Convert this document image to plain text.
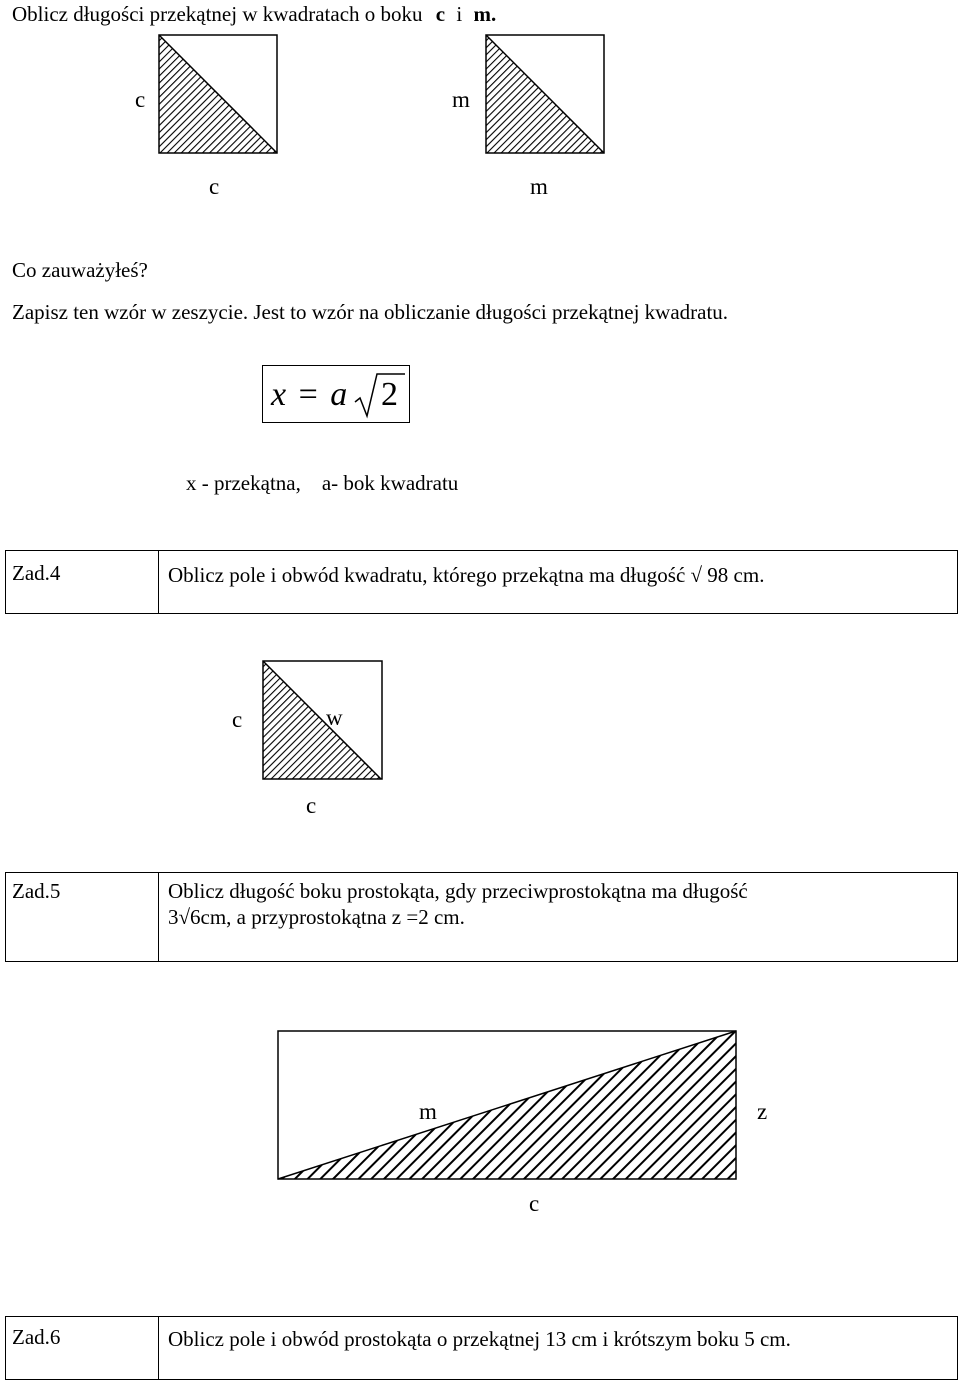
Oblicz długości przekątnej w kwadratach o boku c i m.
c
c
m
m
Co zauważyłeś?
Zapisz ten wzór w zeszycie. Jest to wzór na obliczanie długości przekątnej kwadratu.
x = a 2
x - przekątna,    a- bok kwadratu
Zad.4	Oblicz pole i obwód kwadratu, którego przekątna ma długość √ 98 cm.
c	w
c
Zad.5	Oblicz długość boku prostokąta, gdy przeciwprostokątna ma długość
3√6cm, a przyprostokątna z =2 cm.
m	z
c
Zad.6	Oblicz pole i obwód prostokąta o przekątnej 13 cm i krótszym boku 5 cm.
